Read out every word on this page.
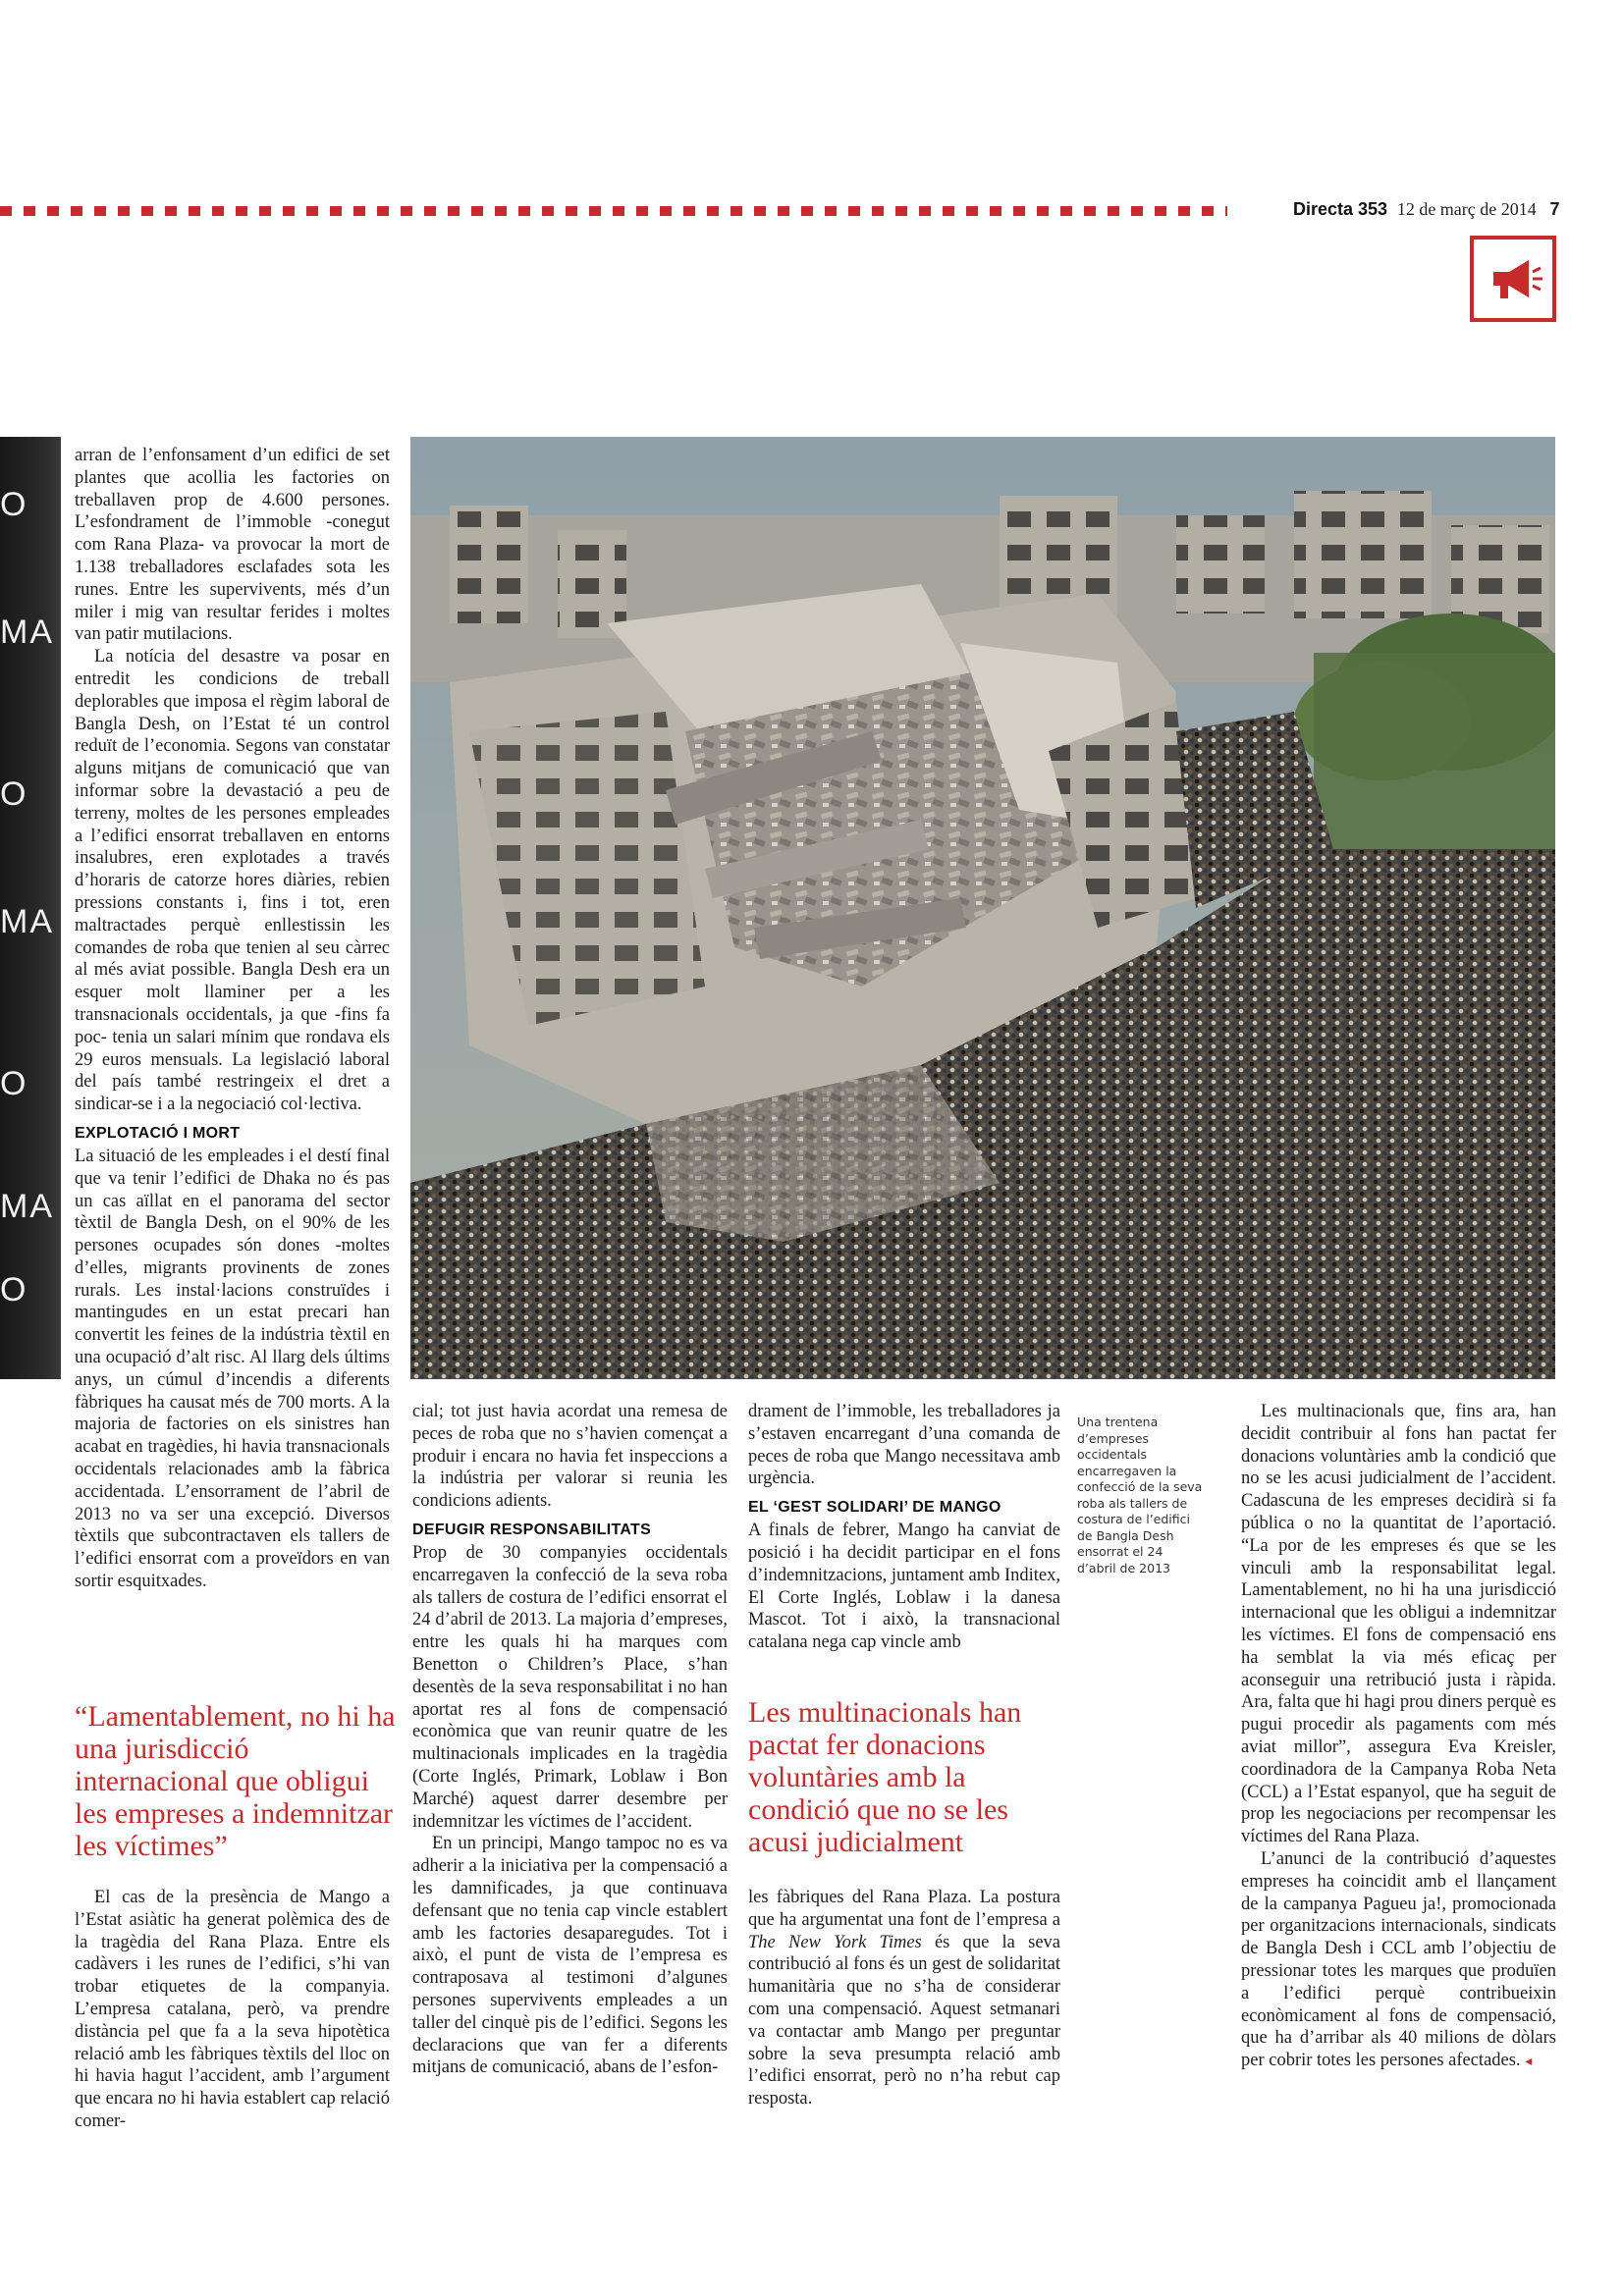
Directa 353 12 de març de 2014 7
O
MA
O
MA
O
MA
O

arran de l’enfonsament d’un edifici de set plantes que acollia les factories on treballaven prop de 4.600 persones. L’esfondrament de l’immoble -conegut com Rana Plaza- va provocar la mort de 1.138 treballadores esclafades sota les runes. Entre les supervivents, més d’un miler i mig van resultar ferides i moltes van patir mutilacions.

La notícia del desastre va posar en entredit les condicions de treball deplorables que imposa el règim laboral de Bangla Desh, on l’Estat té un control reduït de l’economia. Segons van constatar alguns mitjans de comunicació que van informar sobre la devastació a peu de terreny, moltes de les persones empleades a l’edifici ensorrat treballaven en entorns insalubres, eren explotades a través d’horaris de catorze hores diàries, rebien pressions constants i, fins i tot, eren maltractades perquè enllestissin les comandes de roba que tenien al seu càrrec al més aviat possible. Bangla Desh era un esquer molt llaminer per a les transnacionals occidentals, ja que -fins fa poc- tenia un salari mínim que rondava els 29 euros mensuals. La legislació laboral del país també restringeix el dret a sindicar-se i a la negociació col·lectiva.

EXPLOTACIÓ I MORT

La situació de les empleades i el destí final que va tenir l’edifici de Dhaka no és pas un cas aïllat en el panorama del sector tèxtil de Bangla Desh, on el 90% de les persones ocupades són dones -moltes d’elles, migrants provinents de zones rurals. Les instal·lacions construïdes i mantingudes en un estat precari han convertit les feines de la indústria tèxtil en una ocupació d’alt risc. Al llarg dels últims anys, un cúmul d’incendis a diferents fàbriques ha causat més de 700 morts. A la majoria de factories on els sinistres han acabat en tragèdies, hi havia transnacionals occidentals relacionades amb la fàbrica accidentada. L’ensorrament de l’abril de 2013 no va ser una excepció. Diversos tèxtils que subcontractaven els tallers de l’edifici ensorrat com a proveïdors en van sortir esquitxades.

“Lamentablement, no hi ha una jurisdicció internacional que obligui les empreses a indemnitzar les víctimes”

El cas de la presència de Mango a l’Estat asiàtic ha generat polèmica des de la tragèdia del Rana Plaza. Entre els cadàvers i les runes de l’edifici, s’hi van trobar etiquetes de la companyia. L’empresa catalana, però, va prendre distància pel que fa a la seva hipotètica relació amb les fàbriques tèxtils del lloc on hi havia hagut l’accident, amb l’argument que encara no hi havia establert cap relació comer-

cial; tot just havia acordat una remesa de peces de roba que no s’havien començat a produir i encara no havia fet inspeccions a la indústria per valorar si reunia les condicions adients.

DEFUGIR RESPONSABILITATS

Prop de 30 companyies occidentals encarregaven la confecció de la seva roba als tallers de costura de l’edifici ensorrat el 24 d’abril de 2013. La majoria d’empreses, entre les quals hi ha marques com Benetton o Children’s Place, s’han desentès de la seva responsabilitat i no han aportat res al fons de compensació econòmica que van reunir quatre de les multinacionals implicades en la tragèdia (Corte Inglés, Primark, Loblaw i Bon Marché) aquest darrer desembre per indemnitzar les víctimes de l’accident.

En un principi, Mango tampoc no es va adherir a la iniciativa per la compensació a les damnificades, ja que continuava defensant que no tenia cap vincle establert amb les factories desaparegudes. Tot i això, el punt de vista de l’empresa es contraposava al testimoni d’algunes persones supervivents empleades a un taller del cinquè pis de l’edifici. Segons les declaracions que van fer a diferents mitjans de comunicació, abans de l’esfon-

drament de l’immoble, les treballadores ja s’estaven encarregant d’una comanda de peces de roba que Mango necessitava amb urgència.

EL ‘GEST SOLIDARI’ DE MANGO

A finals de febrer, Mango ha canviat de posició i ha decidit participar en el fons d’indemnitzacions, juntament amb Inditex, El Corte Inglés, Loblaw i la danesa Mascot. Tot i això, la transnacional catalana nega cap vincle amb

Les multinacionals han pactat fer donacions voluntàries amb la condició que no se les acusi judicialment

les fàbriques del Rana Plaza. La postura que ha argumentat una font de l’empresa a The New York Times és que la seva contribució al fons és un gest de solidaritat humanitària que no s’ha de considerar com una compensació. Aquest setmanari va contactar amb Mango per preguntar sobre la seva presumpta relació amb l’edifici ensorrat, però no n’ha rebut cap resposta.

Una trentena d’empreses occidentals encarregaven la confecció de la seva roba als tallers de costura de l’edifici de Bangla Desh ensorrat el 24 d’abril de 2013

Les multinacionals que, fins ara, han decidit contribuir al fons han pactat fer donacions voluntàries amb la condició que no se les acusi judicialment de l’accident. Cadascuna de les empreses decidirà si fa pública o no la quantitat de l’aportació. “La por de les empreses és que se les vinculi amb la responsabilitat legal. Lamentablement, no hi ha una jurisdicció internacional que les obligui a indemnitzar les víctimes. El fons de compensació ens ha semblat la via més eficaç per aconseguir una retribució justa i ràpida. Ara, falta que hi hagi prou diners perquè es pugui procedir als pagaments com més aviat millor”, assegura Eva Kreisler, coordinadora de la Campanya Roba Neta (CCL) a l’Estat espanyol, que ha seguit de prop les negociacions per recompensar les víctimes del Rana Plaza.

L’anunci de la contribució d’aquestes empreses ha coincidit amb el llançament de la campanya Pagueu ja!, promocionada per organitzacions internacionals, sindicats de Bangla Desh i CCL amb l’objectiu de pressionar totes les marques que produïen a l’edifici perquè contribueixin econòmicament al fons de compensació, que ha d’arribar als 40 milions de dòlars per cobrir totes les persones afectades. ◂
